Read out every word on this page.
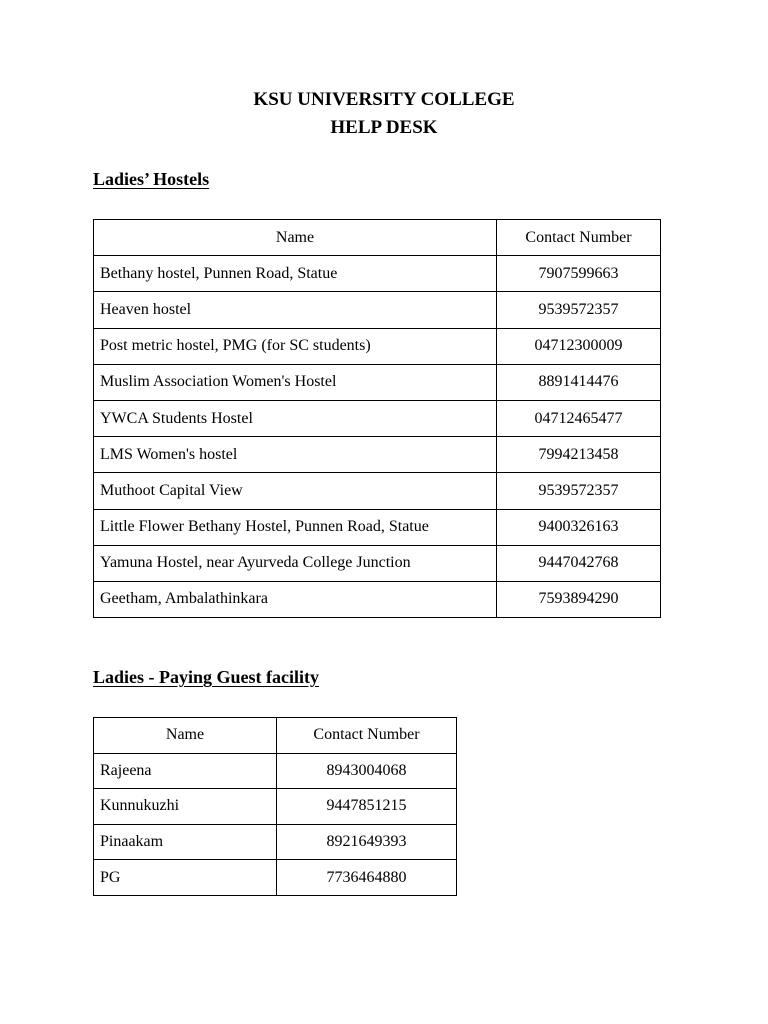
KSU UNIVERSITY COLLEGE
HELP DESK
Ladies’ Hostels
Name	Contact Number
Bethany hostel, Punnen Road, Statue	7907599663
Heaven hostel	9539572357
Post metric hostel, PMG (for SC students)	04712300009
Muslim Association Women's Hostel	8891414476
YWCA Students Hostel	04712465477
LMS Women's hostel	7994213458
Muthoot Capital View	9539572357
Little Flower Bethany Hostel, Punnen Road, Statue	9400326163
Yamuna Hostel, near Ayurveda College Junction	9447042768
Geetham, Ambalathinkara	7593894290
Ladies - Paying Guest facility
Name	Contact Number
Rajeena	8943004068
Kunnukuzhi	9447851215
Pinaakam	8921649393
PG	7736464880
